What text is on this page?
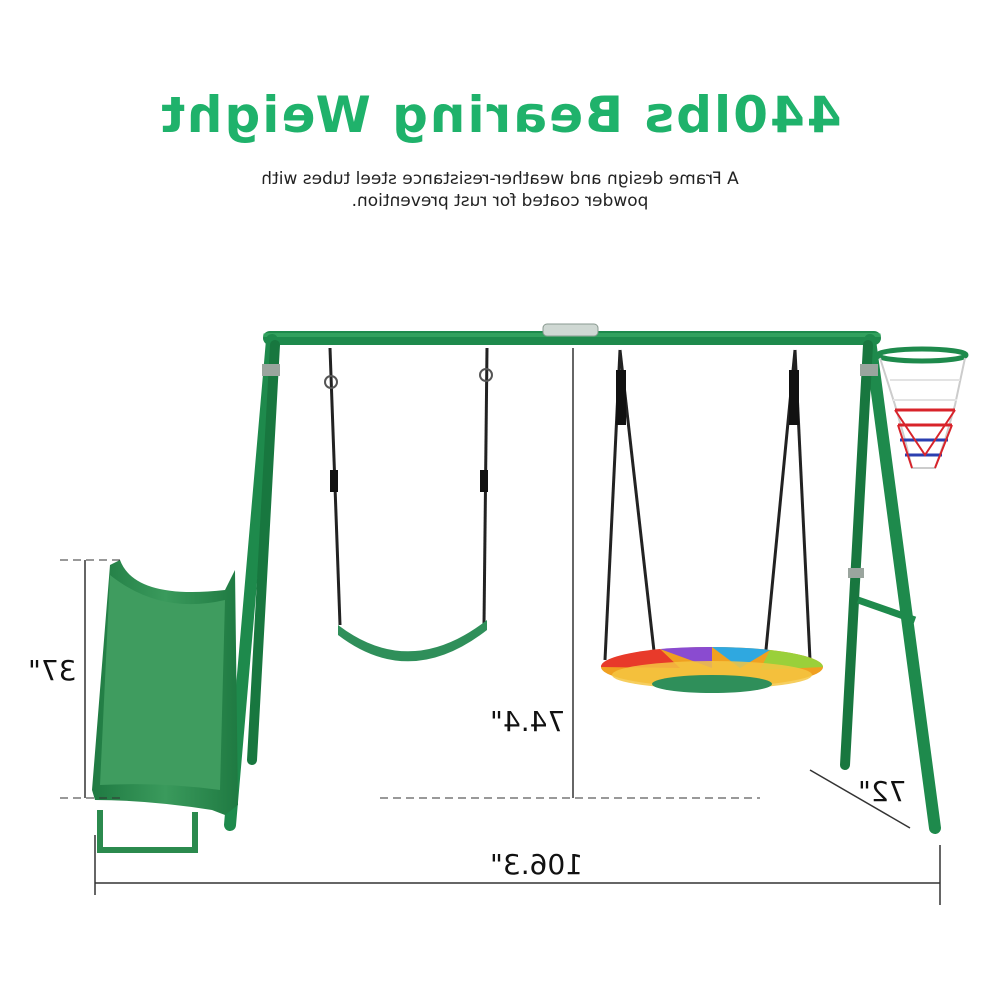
440lbs Bearing Weight
A Frame design and weather-resistance steel tubes with
powder coated for rust prevention.
37"
74.4"
106.3"
72"
